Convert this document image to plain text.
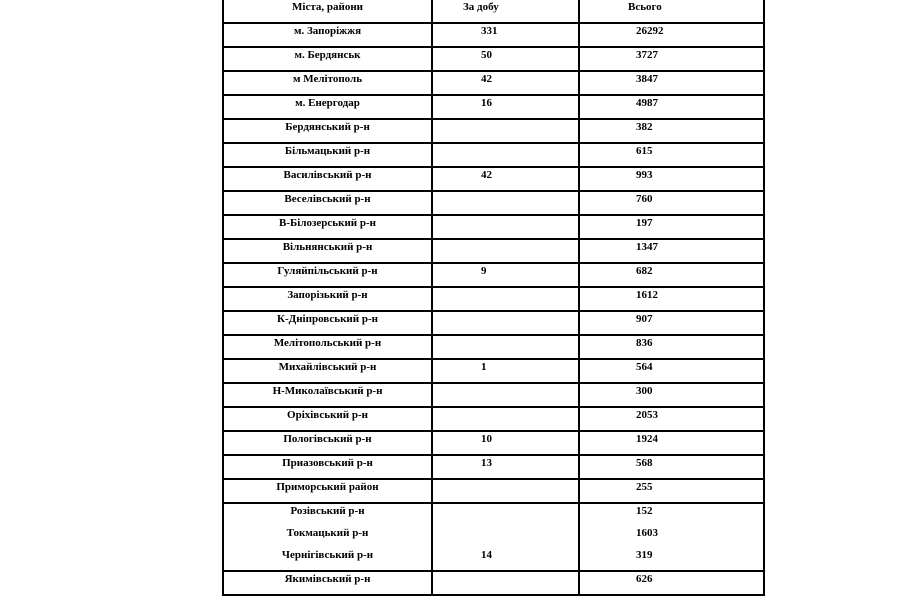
Міста, райони	За добу	Всього
м. Запоріжжя	331	26292
м. Бердянськ	50	3727
м Мелітополь	42	3847
м. Енергодар	16	4987
Бердянський р-н		382
Більмацький р-н		615
Василівський р-н	42	993
Веселівський р-н		760
В-Білозерський р-н		197
Вільнянський р-н		1347
Гуляйпільський р-н	9	682
Запорізький р-н		1612
К-Дніпровський р-н		907
Мелітопольський р-н		836
Михайлівський р-н	1	564
Н-Миколаївський р-н		300
Оріхівський р-н		2053
Пологівський р-н	10	1924
Приазовський р-н	13	568
Приморський район		255
Розівський р-н		152
Токмацький р-н		1603
Чернігівський р-н	14	319
Якимівський р-н		626
